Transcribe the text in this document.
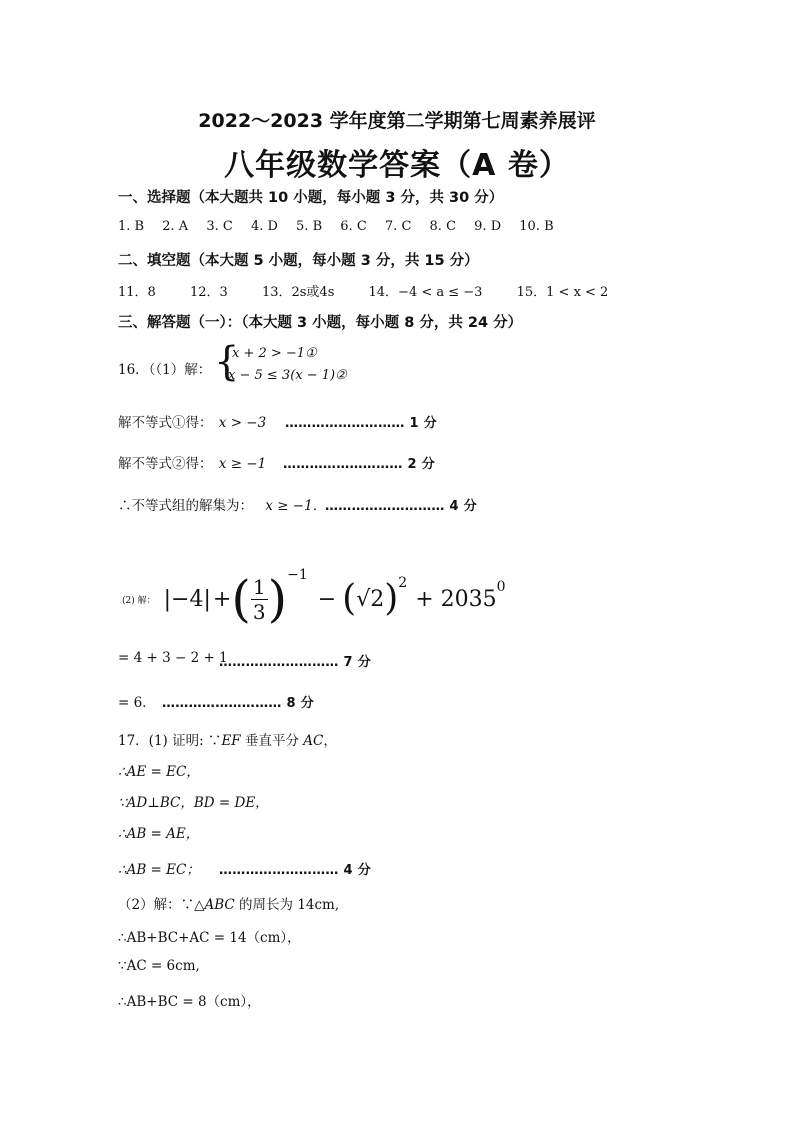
2022～2023 学年度第二学期第七周素养展评
八年级数学答案（A 卷）
一、选择题（本大题共 10 小题，每小题 3 分，共 30 分）
1. B 2. A 3. C 4. D 5. B 6. C 7. C 8. C 9. D 10. B
二、填空题（本大题 5 小题，每小题 3 分，共 15 分）
11．8	12．3	13．2s或4s	14．−4 < a ≤ −3	15．1 < x < 2
三、解答题（一）：（本大题 3 小题，每小题 8 分，共 24 分）
16．（（1）解： {
x + 2 > −1①
x − 5 ≤ 3(x − 1)②
解不等式①得： x > −3 ……………………… 1 分
解不等式②得： x ≥ −1 ……………………… 2 分
∴不等式组的解集为： x ≥ −1．
……………………… 4 分
(2) 解： |−4| + ( $\frac{1}{3}$ ) −1
− ( √2 ) 2
+ 2035 0
= 4 + 3 − 2 + 1
……………………… 7 分
= 6． ……………………… 8 分
17．(1) 证明: ∵EF 垂直平分 AC，
∴AE = EC，
∵AD⊥BC，BD = DE，
∴AB = AE，
∴AB = EC； ……………………… 4 分
（2）解：∵△ABC 的周长为 14cm,
∴AB+BC+AC = 14（cm），
∵AC = 6cm,
∴AB+BC = 8（cm），
